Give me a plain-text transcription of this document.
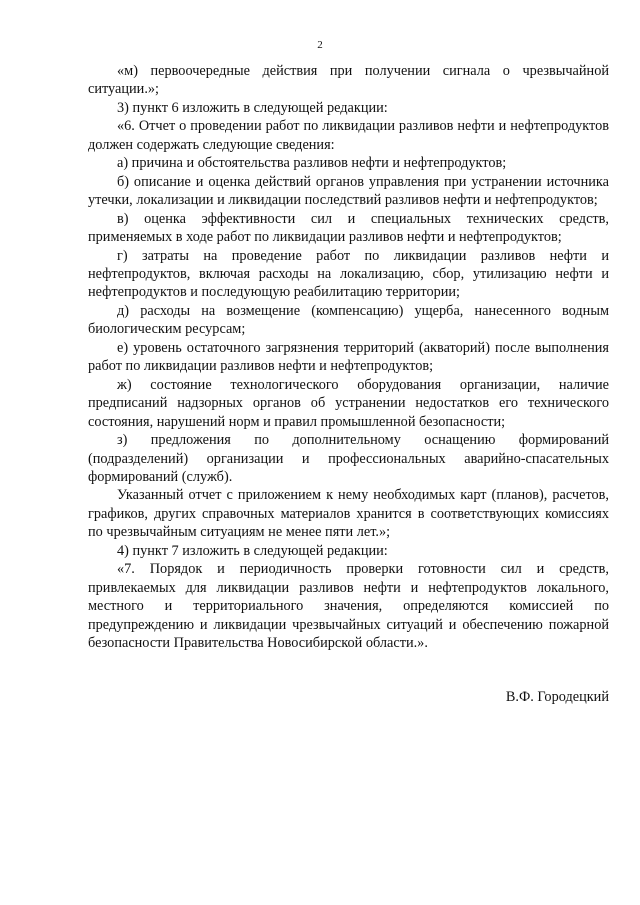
2

«м) первоочередные действия при получении сигнала о чрезвычайной ситуации.»;

3) пункт 6 изложить в следующей редакции:

«6. Отчет о проведении работ по ликвидации разливов нефти и нефтепродуктов должен содержать следующие сведения:

а) причина и обстоятельства разливов нефти и нефтепродуктов;

б) описание и оценка действий органов управления при устранении источника утечки, локализации и ликвидации последствий разливов нефти и нефтепродуктов;

в) оценка эффективности сил и специальных технических средств, применяемых в ходе работ по ликвидации разливов нефти и нефтепродуктов;

г) затраты на проведение работ по ликвидации разливов нефти и нефтепродуктов, включая расходы на локализацию, сбор, утилизацию нефти и нефтепродуктов и последующую реабилитацию территории;

д) расходы на возмещение (компенсацию) ущерба, нанесенного водным биологическим ресурсам;

е) уровень остаточного загрязнения территорий (акваторий) после выполнения работ по ликвидации разливов нефти и нефтепродуктов;

ж) состояние технологического оборудования организации, наличие предписаний надзорных органов об устранении недостатков его технического состояния, нарушений норм и правил промышленной безопасности;

з) предложения по дополнительному оснащению формирований (подразделений) организации и профессиональных аварийно-спасательных формирований (служб).

Указанный отчет с приложением к нему необходимых карт (планов), расчетов, графиков, других справочных материалов хранится в соответствующих комиссиях по чрезвычайным ситуациям не менее пяти лет.»;

4) пункт 7 изложить в следующей редакции:

«7. Порядок и периодичность проверки готовности сил и средств, привлекаемых для ликвидации разливов нефти и нефтепродуктов локального, местного и территориального значения, определяются комиссией по предупреждению и ликвидации чрезвычайных ситуаций и обеспечению пожарной безопасности Правительства Новосибирской области.».

В.Ф. Городецкий
